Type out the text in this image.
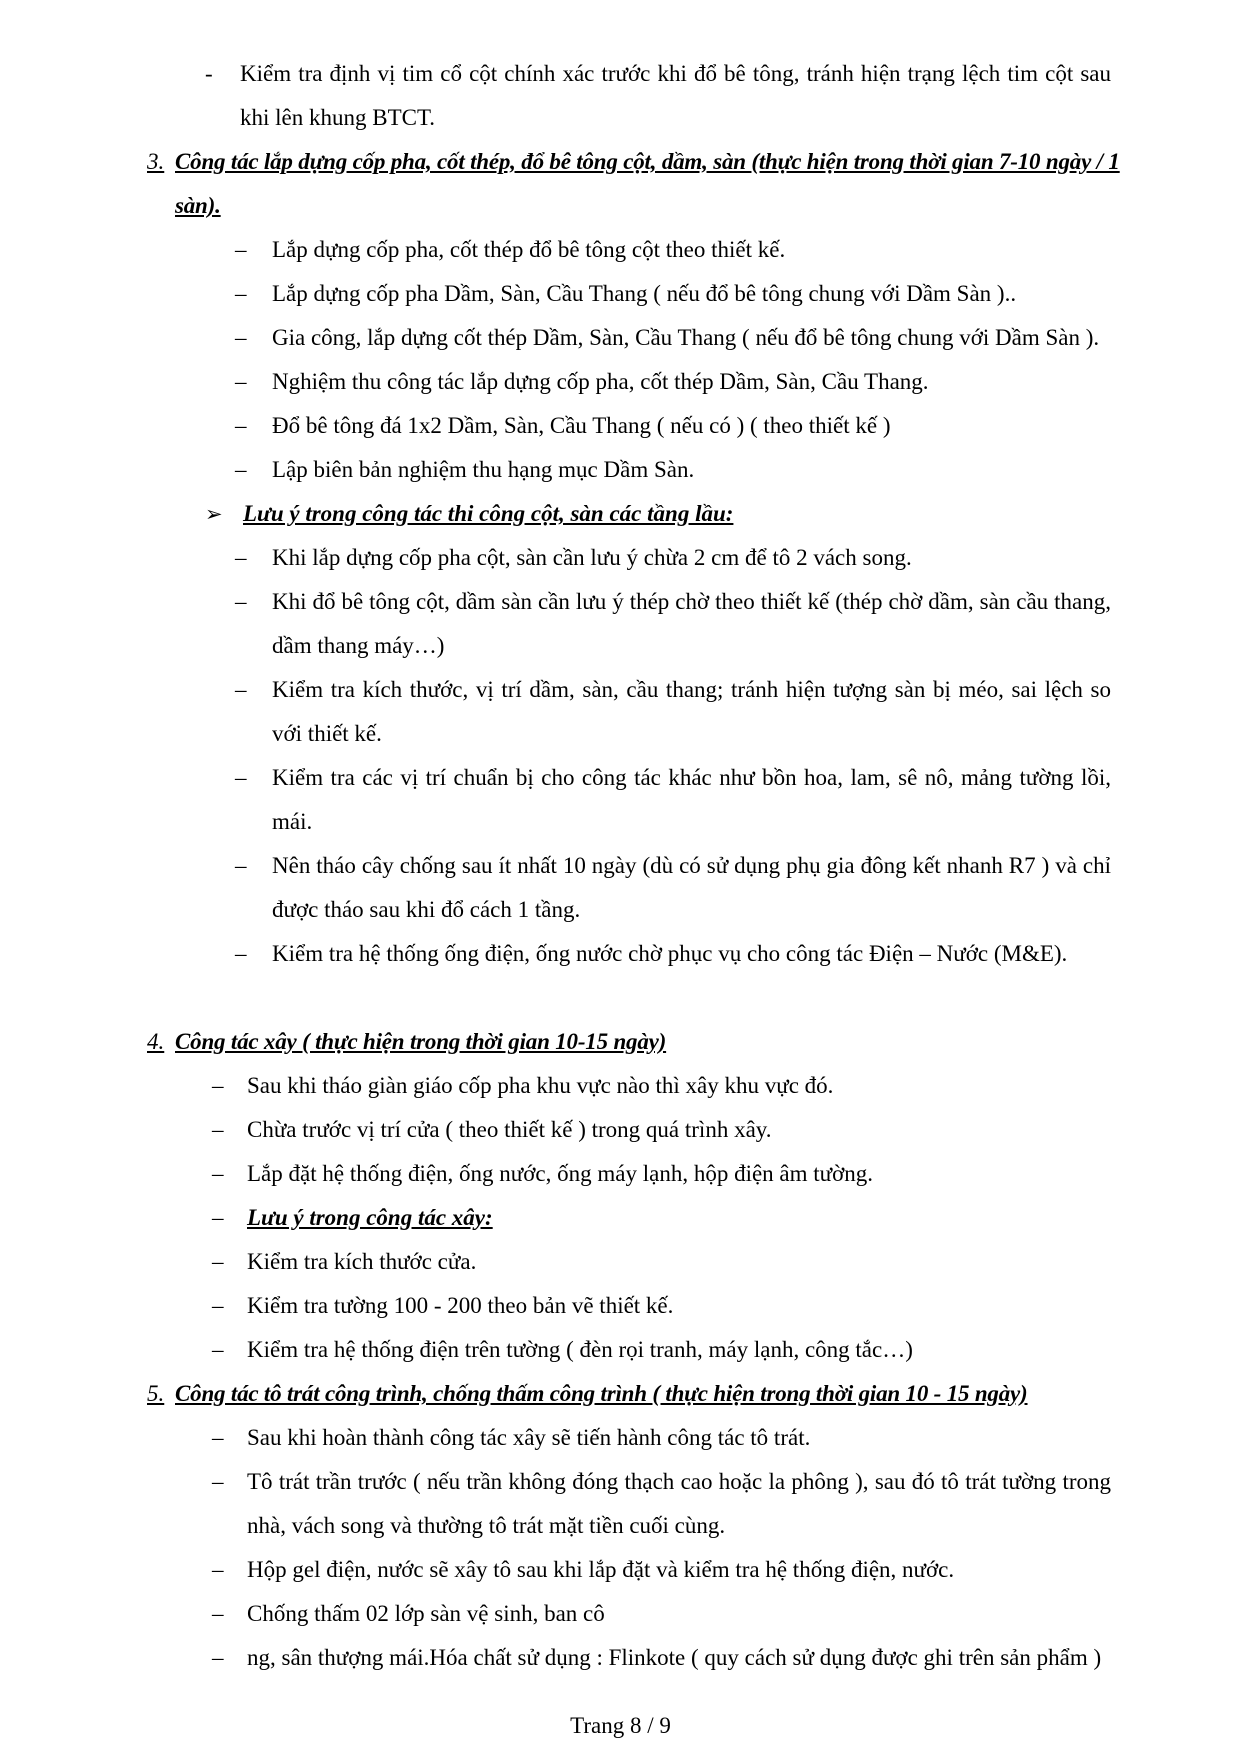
- Kiểm tra định vị tim cổ cột chính xác trước khi đổ bê tông, tránh hiện trạng lệch tim cột sau khi lên khung BTCT.
3. Công tác lắp dựng cốp pha, cốt thép, đổ bê tông cột, dầm, sàn (thực hiện trong thời gian 7-10 ngày / 1 sàn).
– Lắp dựng cốp pha, cốt thép đổ bê tông cột theo thiết kế.
– Lắp dựng cốp pha Dầm, Sàn, Cầu Thang ( nếu đổ bê tông chung với Dầm Sàn )..
– Gia công, lắp dựng cốt thép Dầm, Sàn, Cầu Thang ( nếu đổ bê tông chung với Dầm Sàn ).
– Nghiệm thu công tác lắp dựng cốp pha, cốt thép Dầm, Sàn, Cầu Thang.
– Đổ bê tông đá 1x2 Dầm, Sàn, Cầu Thang ( nếu có ) ( theo thiết kế )
– Lập biên bản nghiệm thu hạng mục Dầm Sàn.
➢ Lưu ý trong công tác thi công cột, sàn các tầng lầu:
– Khi lắp dựng cốp pha cột, sàn cần lưu ý chừa 2 cm để tô 2 vách song.
– Khi đổ bê tông cột, dầm sàn cần lưu ý thép chờ theo thiết kế (thép chờ dầm, sàn cầu thang, dầm thang máy…)
– Kiểm tra kích thước, vị trí dầm, sàn, cầu thang; tránh hiện tượng sàn bị méo, sai lệch so với thiết kế.
– Kiểm tra các vị trí chuẩn bị cho công tác khác như bồn hoa, lam, sê nô, mảng tường lồi, mái.
– Nên tháo cây chống sau ít nhất 10 ngày (dù có sử dụng phụ gia đông kết nhanh R7 ) và chỉ được tháo sau khi đổ cách 1 tầng.
– Kiểm tra hệ thống ống điện, ống nước chờ phục vụ cho công tác Điện – Nước (M&E).
4. Công tác xây ( thực hiện trong thời gian 10-15 ngày)
– Sau khi tháo giàn giáo cốp pha khu vực nào thì xây khu vực đó.
– Chừa trước vị trí cửa ( theo thiết kế ) trong quá trình xây.
– Lắp đặt hệ thống điện, ống nước, ống máy lạnh, hộp điện âm tường.
– Lưu ý trong công tác xây:
– Kiểm tra kích thước cửa.
– Kiểm tra tường 100 - 200 theo bản vẽ thiết kế.
– Kiểm tra hệ thống điện trên tường ( đèn rọi tranh, máy lạnh, công tắc…)
5. Công tác tô trát công trình, chống thấm công trình ( thực hiện trong thời gian 10 - 15 ngày)
– Sau khi hoàn thành công tác xây sẽ tiến hành công tác tô trát.
– Tô trát trần trước ( nếu trần không đóng thạch cao hoặc la phông ), sau đó tô trát tường trong nhà, vách song và thường tô trát mặt tiền cuối cùng.
– Hộp gel điện, nước sẽ xây tô sau khi lắp đặt và kiểm tra hệ thống điện, nước.
– Chống thấm 02 lớp sàn vệ sinh, ban cô
– ng, sân thượng mái.Hóa chất sử dụng : Flinkote ( quy cách sử dụng được ghi trên sản phẩm )
Trang 8 / 9
